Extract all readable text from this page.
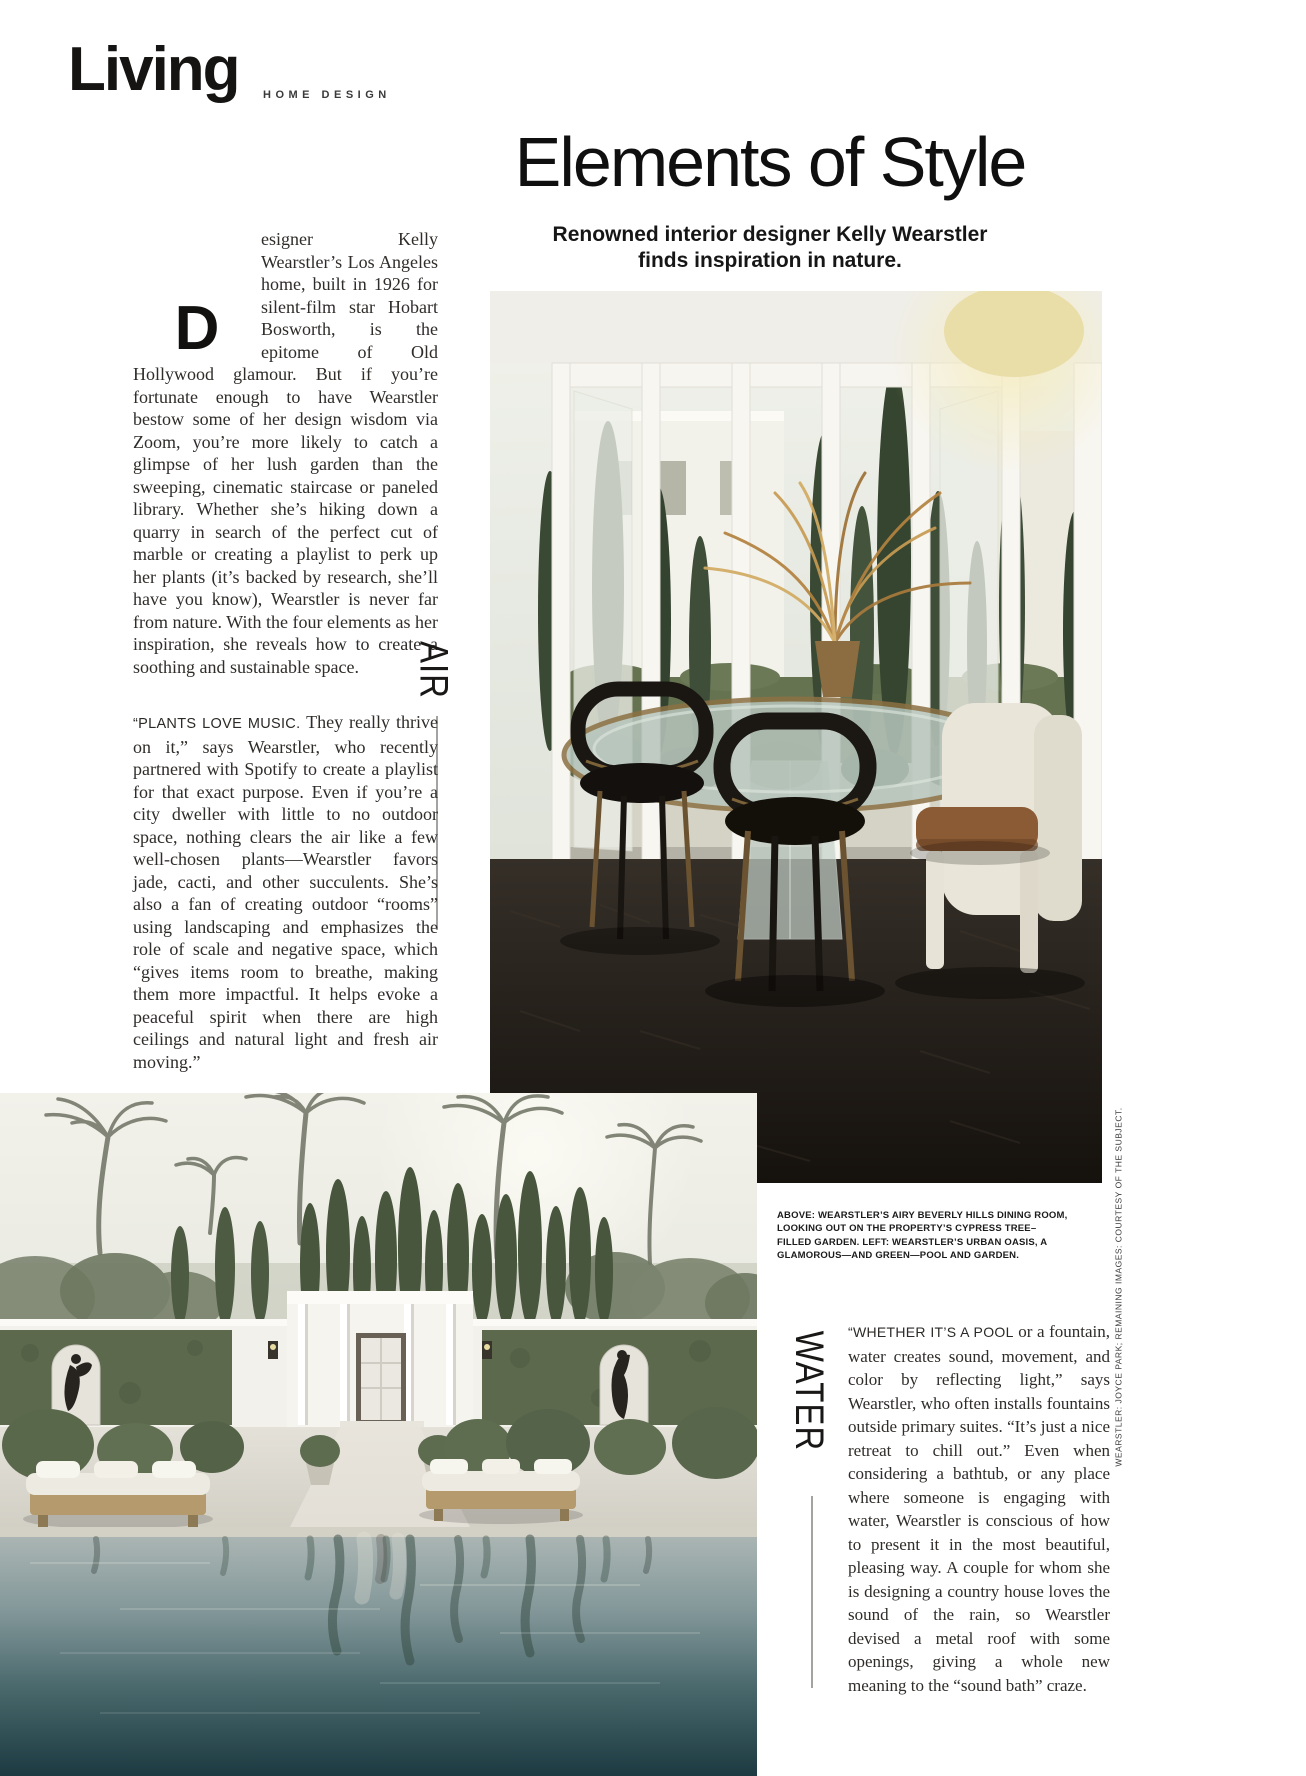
Living HOME DESIGN
Elements of Style
Renowned interior designer Kelly Wearstler
finds inspiration in nature.

D
esigner Kelly Wearstler’s Los Angeles home, built in 1926 for silent-film star Hobart Bosworth, is the epitome of Old Hollywood glamour. But if you’re fortunate enough to have Wearstler bestow some of her design wisdom via Zoom, you’re more likely to catch a glimpse of her lush garden than the sweeping, cinematic staircase or paneled library. Whether she’s hiking down a quarry in search of the perfect cut of marble or creating a playlist to perk up her plants (it’s backed by research, she’ll have you know), Wearstler is never far from nature. With the four elements as her inspiration, she reveals how to create a soothing and sustainable space.	AIR

“PLANTS LOVE MUSIC. They really thrive on it,” says Wearstler, who recently partnered with Spotify to create a playlist for that exact purpose. Even if you’re a city dweller with little to no outdoor space, nothing clears the air like a few well-chosen plants—Wearstler favors jade, cacti, and other succulents. She’s also a fan of creating outdoor “rooms” using landscaping and emphasizes the role of scale and negative space, which “gives items room to breathe, making them more impactful. It helps evoke a peaceful spirit when there are high ceilings and natural light and fresh air moving.”

ABOVE: WEARSTLER’S AIRY BEVERLY HILLS DINING ROOM, LOOKING OUT ON THE PROPERTY’S CYPRESS TREE–FILLED GARDEN. LEFT: WEARSTLER’S URBAN OASIS, A GLAMOROUS—AND GREEN—POOL AND GARDEN.
WATER “WHETHER IT’S A POOL or a fountain, water creates sound, movement, and color by reflecting light,” says Wearstler, who often installs fountains outside primary suites. “It’s just a nice retreat to chill out.” Even when considering a bathtub, or any place where someone is engaging with water, Wearstler is conscious of how to present it in the most beautiful, pleasing way. A couple for whom she is designing a country house loves the sound of the rain, so Wearstler devised a metal roof with some openings, giving a whole new meaning to the “sound bath” craze.

WEARSTLER: JOYCE PARK; REMAINING IMAGES: COURTESY OF THE SUBJECT.
